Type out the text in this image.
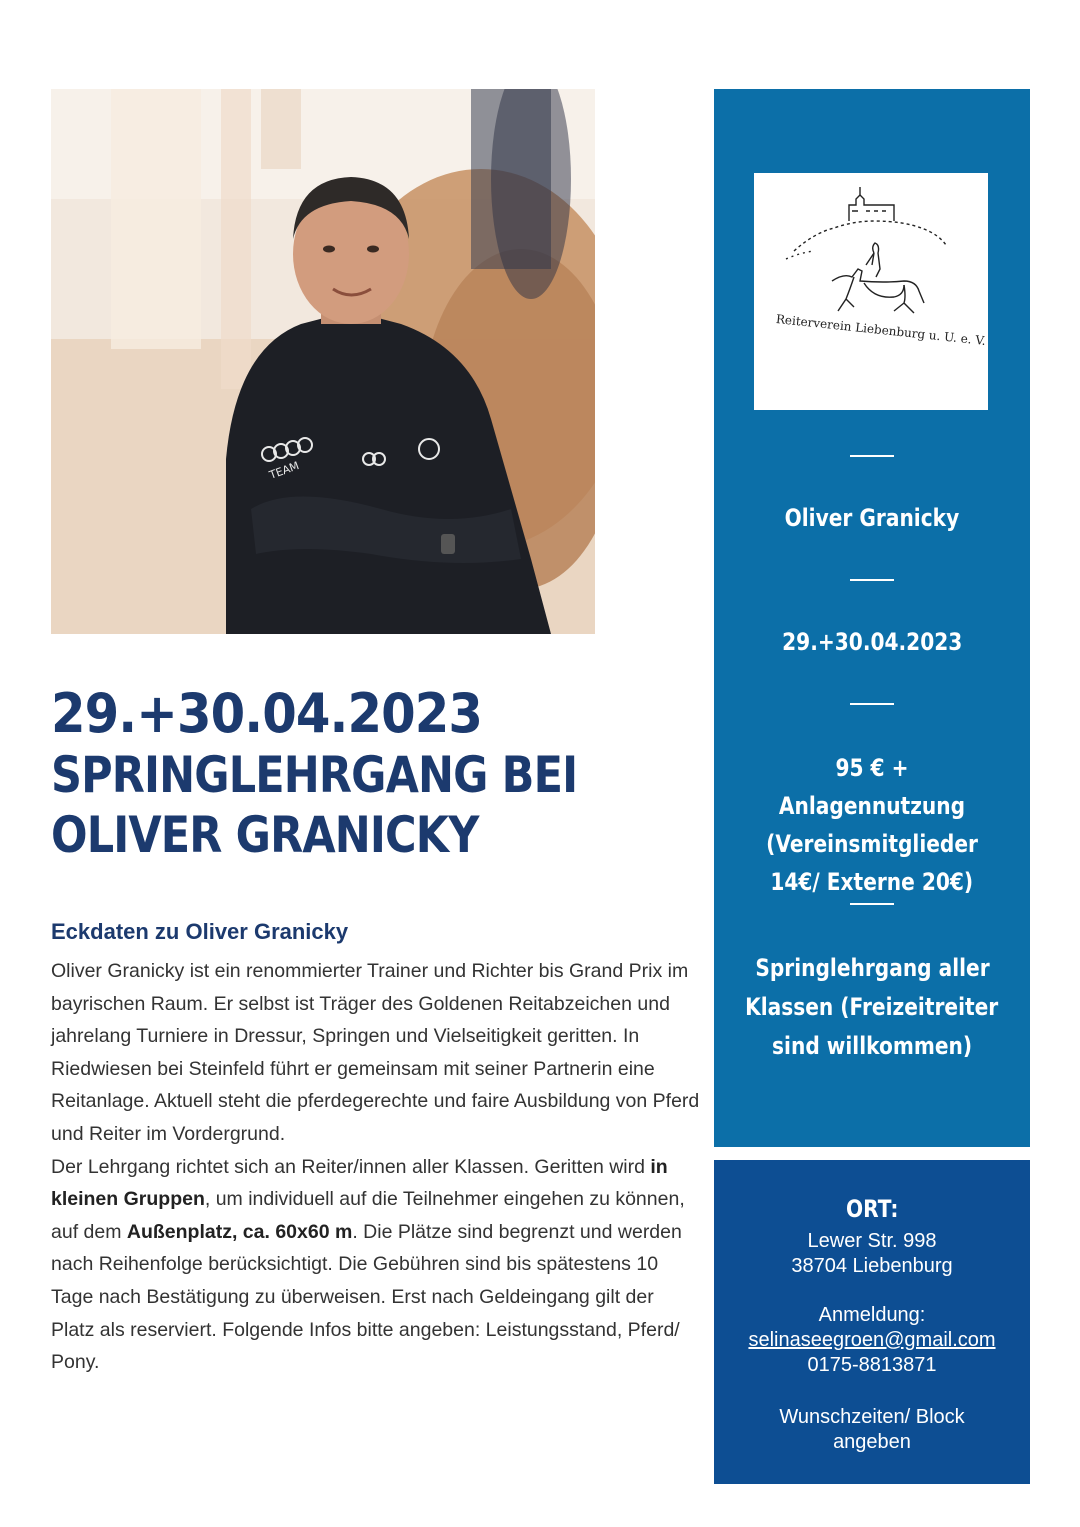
TEAM
29.+30.04.2023
SPRINGLEHRGANG BEI
OLIVER GRANICKY
Eckdaten zu Oliver Granicky

Oliver Granicky ist ein renommierter Trainer und Richter bis Grand Prix im bayrischen Raum. Er selbst ist Träger des Goldenen Reitabzeichen und jahrelang Turniere in Dressur, Springen und Vielseitigkeit geritten. In Riedwiesen bei Steinfeld führt er gemeinsam mit seiner Partnerin eine Reitanlage. Aktuell steht die pferdegerechte und faire Ausbildung von Pferd und Reiter im Vordergrund.

Der Lehrgang richtet sich an Reiter/innen aller Klassen. Geritten wird in kleinen Gruppen, um individuell auf die Teilnehmer eingehen zu können, auf dem Außenplatz, ca. 60x60 m. Die Plätze sind begrenzt und werden nach Reihenfolge berücksichtigt. Die Gebühren sind bis spätestens 10 Tage nach Bestätigung zu überweisen. Erst nach Geldeingang gilt der Platz als reserviert. Folgende Infos bitte angeben: Leistungsstand, Pferd/ Pony.

Reiterverein Liebenburg u. U. e. V.
Oliver Granicky
29.+30.04.2023
95 € + Anlagennutzung
(Vereinsmitglieder
14€/ Externe 20€)
Springlehrgang aller
Klassen (Freizeitreiter
sind willkommen)
ORT:
Lewer Str. 998
38704 Liebenburg
Anmeldung:
selinaseegroen@gmail.com
0175-8813871
Wunschzeiten/ Block
angeben
